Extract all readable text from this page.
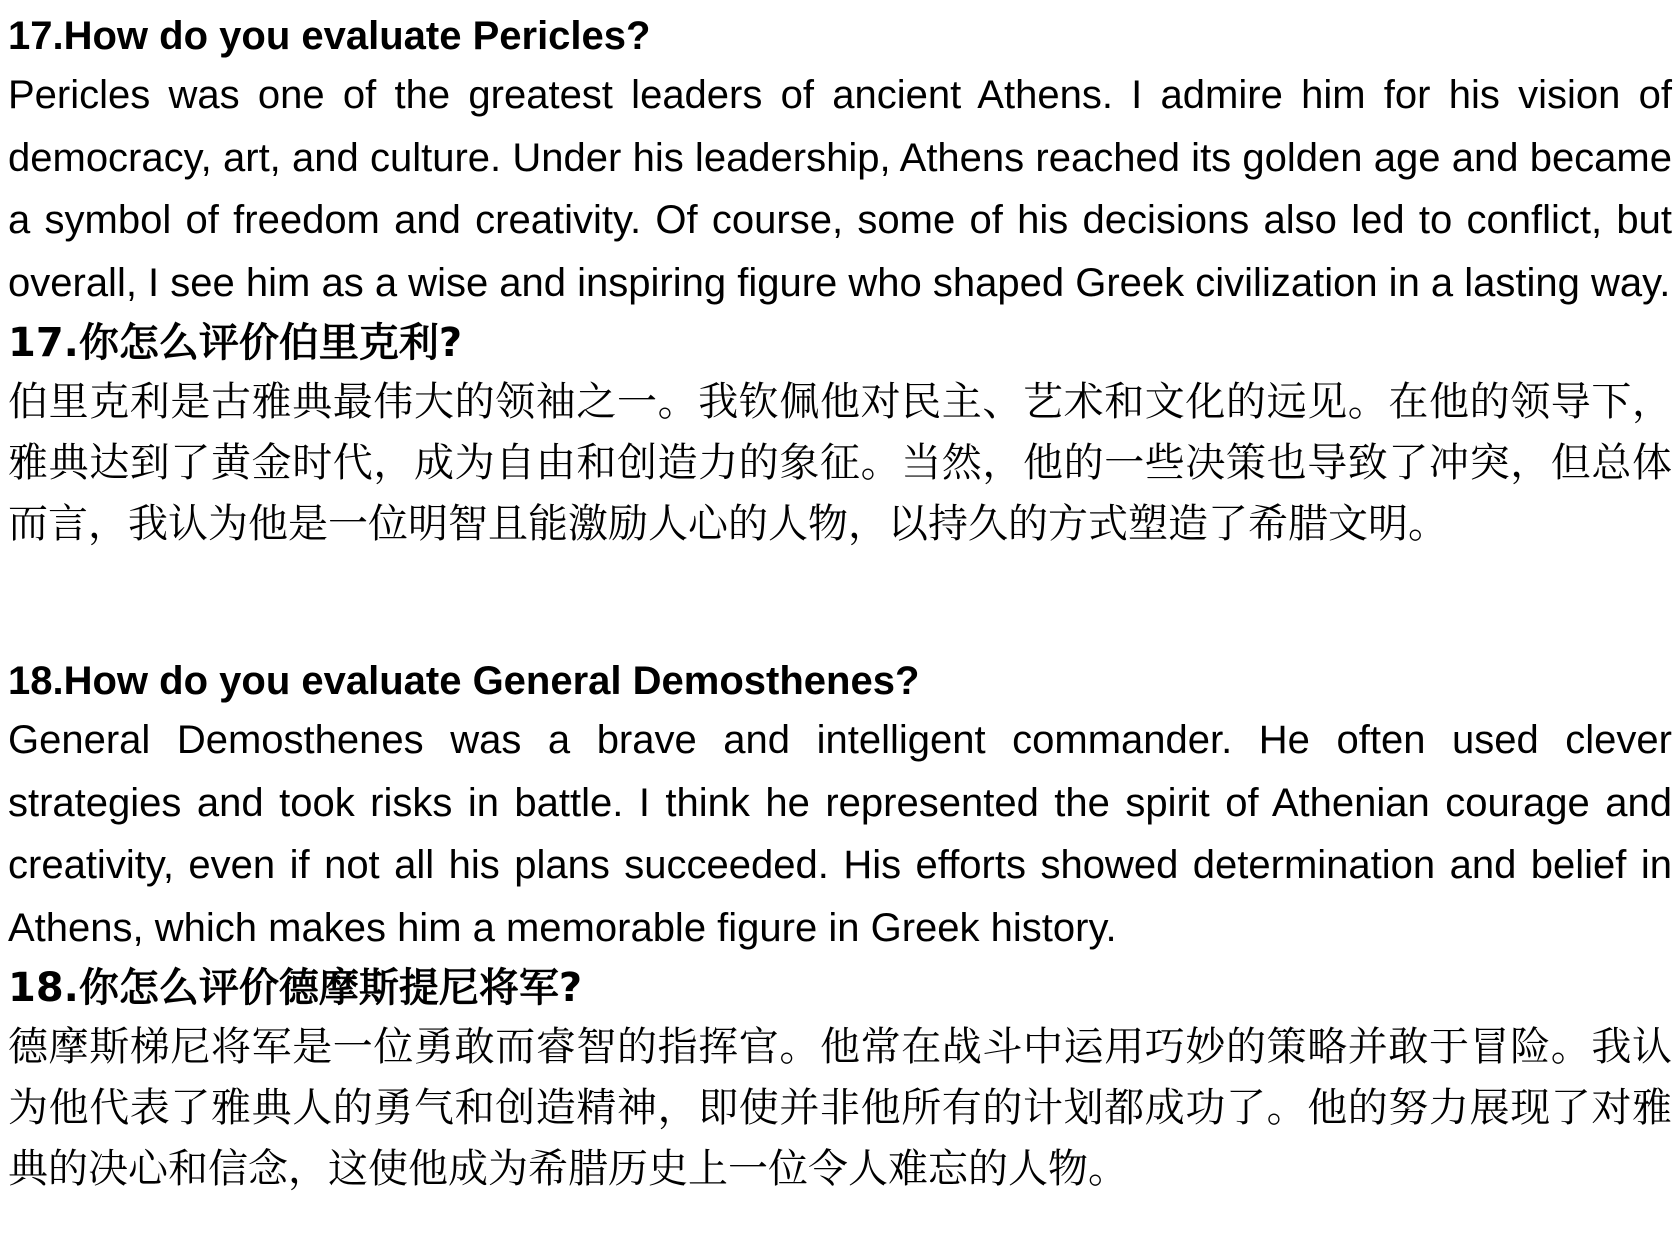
17.How do you evaluate Pericles?

Pericles was one of the greatest leaders of ancient Athens. I admire him for his vision of democracy, art, and culture. Under his leadership, Athens reached its golden age and became a symbol of freedom and creativity. Of course, some of his decisions also led to conflict, but overall, I see him as a wise and inspiring figure who shaped Greek civilization in a lasting way.

17.你怎么评价伯里克利?

伯里克利是古雅典最伟大的领袖之一。我钦佩他对民主、艺术和文化的远见。在他的领导下，雅典达到了黄金时代，成为自由和创造力的象征。当然，他的一些决策也导致了冲突，但总体而言，我认为他是一位明智且能激励人心的人物，以持久的方式塑造了希腊文明。

18.How do you evaluate General Demosthenes?

General Demosthenes was a brave and intelligent commander. He often used clever strategies and took risks in battle. I think he represented the spirit of Athenian courage and creativity, even if not all his plans succeeded. His efforts showed determination and belief in Athens, which makes him a memorable figure in Greek history.

18.你怎么评价德摩斯提尼将军?

德摩斯梯尼将军是一位勇敢而睿智的指挥官。他常在战斗中运用巧妙的策略并敢于冒险。我认为他代表了雅典人的勇气和创造精神，即使并非他所有的计划都成功了。他的努力展现了对雅典的决心和信念，这使他成为希腊历史上一位令人难忘的人物。
